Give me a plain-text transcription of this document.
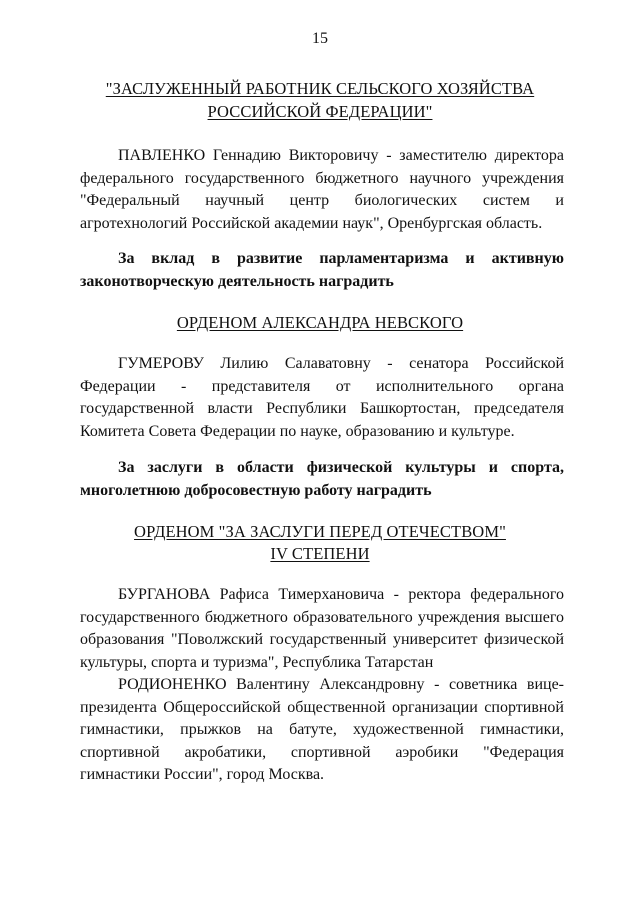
15
"ЗАСЛУЖЕННЫЙ РАБОТНИК СЕЛЬСКОГО ХОЗЯЙСТВА
РОССИЙСКОЙ ФЕДЕРАЦИИ"
ПАВЛЕНКО Геннадию Викторовичу - заместителю директора федерального государственного бюджетного научного учреждения "Федеральный научный центр биологических систем и агротехнологий Российской академии наук", Оренбургская область.
За вклад в развитие парламентаризма и активную законотворческую деятельность наградить
ОРДЕНОМ АЛЕКСАНДРА НЕВСКОГО
ГУМЕРОВУ Лилию Салаватовну - сенатора Российской Федерации - представителя от исполнительного органа государственной власти Республики Башкортостан, председателя Комитета Совета Федерации по науке, образованию и культуре.
За заслуги в области физической культуры и спорта, многолетнюю добросовестную работу наградить
ОРДЕНОМ "ЗА ЗАСЛУГИ ПЕРЕД ОТЕЧЕСТВОМ"
IV СТЕПЕНИ
БУРГАНОВА Рафиса Тимерхановича - ректора федерального государственного бюджетного образовательного учреждения высшего образования "Поволжский государственный университет физической культуры, спорта и туризма", Республика Татарстан
РОДИОНЕНКО Валентину Александровну - советника вице-президента Общероссийской общественной организации спортивной гимнастики, прыжков на батуте, художественной гимнастики, спортивной акробатики, спортивной аэробики "Федерация гимнастики России", город Москва.
